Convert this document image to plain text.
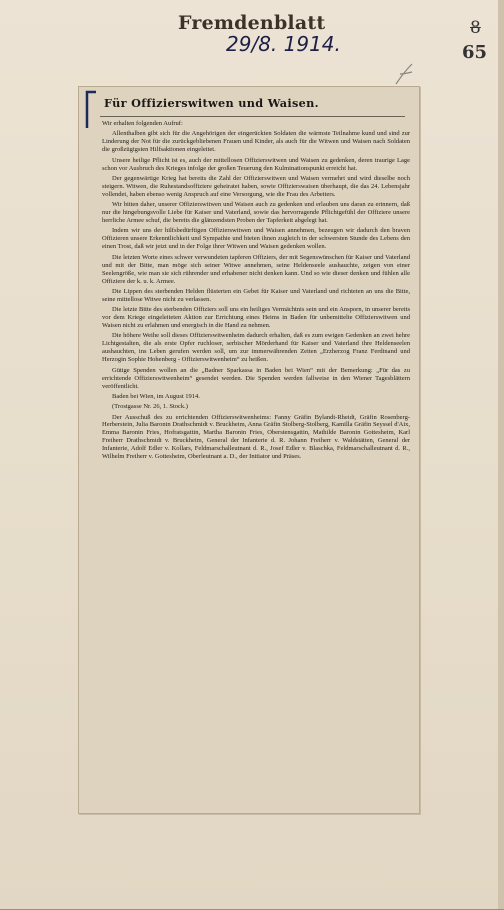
Fremdenblatt
29/8. 1914.
8
65
Für Offizierswitwen und Waisen.

Wir erhalten folgenden Aufruf:

Allenthalben gibt sich für die Angehörigen der eingerückten Soldaten die wärmste Teilnahme kund und sind zur Linderung der Not für die zurückgebliebenen Frauen und Kinder, als auch für die Witwen und Waisen nach Soldaten die großzügigsten Hilfsaktionen eingeleitet.

Unsere heilige Pflicht ist es, auch der mittellosen Offizierswitwen und Waisen zu gedenken, deren traurige Lage schon vor Ausbruch des Krieges infolge der großen Teuerung den Kulminationspunkt erreicht hat.

Der gegenwärtige Krieg hat bereits die Zahl der Offizierswitwen und Waisen vermehrt und wird dieselbe noch steigern. Witwen, die Ruhestandsoffiziere geheiratet haben, sowie Offizierswaisen überhaupt, die das 24. Lebensjahr vollendet, haben ebenso wenig Anspruch auf eine Versorgung, wie die Frau des Arbeiters.

Wir bitten daher, unserer Offizierswitwen und Waisen auch zu gedenken und erlauben uns daran zu erinnern, daß nur die hingebungsvolle Liebe für Kaiser und Vaterland, sowie das hervorragende Pflichtgefühl der Offiziere unsere herrliche Armee schuf, die bereits die glänzendsten Proben der Tapferkeit abgelegt hat.

Indem wir uns der hilfsbedürftigen Offizierswitwen und Waisen annehmen, bezeugen wir dadurch den braven Offizieren unsere Erkenntlichkeit und Sympathie und bieten ihnen zugleich in der schwersten Stunde des Lebens den einen Trost, daß wir jetzt und in der Folge ihrer Witwen und Waisen gedenken wollen.

Die letzten Worte eines schwer verwundeten tapferen Offiziers, der mit Segenswünschen für Kaiser und Vaterland und mit der Bitte, man möge sich seiner Witwe annehmen, seine Heldenseele aushauchte, zeigen von einer Seelengröße, wie man sie sich rührender und erhabener nicht denken kann. Und so wie dieser denken und fühlen alle Offiziere der k. u. k. Armee.

Die Lippen des sterbenden Helden flüsterten ein Gebet für Kaiser und Vaterland und richteten an uns die Bitte, seine mittellose Witwe nicht zu verlassen.

Die letzte Bitte des sterbenden Offiziers soll uns ein heiliges Vermächtnis sein und ein Ansporn, in unserer bereits vor dem Kriege eingeleiteten Aktion zur Errichtung eines Heims in Baden für unbemittelte Offizierswitwen und Waisen nicht zu erlahmen und energisch in die Hand zu nehmen.

Die höhere Weihe soll dieses Offizierswitwenheim dadurch erhalten, daß es zum ewigen Gedenken an zwei hehre Lichtgestalten, die als erste Opfer ruchloser, serbischer Mörderhand für Kaiser und Vaterland ihre Heldenseelen aushauchten, ins Leben gerufen werden soll, um zur immerwährenden Zeiten „Erzherzog Franz Ferdinand und Herzogin Sophie Hohenberg - Offizierswitwenheim“ zu heißen.

Gütige Spenden wollen an die „Badner Sparkassa in Baden bei Wien“ mit der Bemerkung: „Für das zu errichtende Offizierswitwenheim“ gesendet werden. Die Spenden werden fallweise in den Wiener Tagesblättern veröffentlicht.

Baden bei Wien, im August 1914.

(Trostgasse Nr. 26, 1. Stock.)

Der Ausschuß des zu errichtenden Offizierswitwenheims: Fanny Gräfin Bylandt-Rheidt, Gräfin Rosenberg-Herberstein, Julia Baronin Drathschmidt v. Bruckheim, Anna Gräfin Stolberg-Stolberg, Kamilla Gräfin Seyssel d'Aix, Emma Baronin Fries, Hofratsgattin, Martha Baronin Fries, Oberstensgattin, Mathilde Baronin Gottesheim, Karl Freiherr Drathschmidt v. Bruckheim, General der Infanterie d. R. Johann Freiherr v. Waldstätten, General der Infanterie, Adolf Edler v. Kollars, Feldmarschalleutnant d. R., Josef Edler v. Blaschka, Feldmarschalleutnant d. R., Wilhelm Freiherr v. Gottesheim, Oberleutnant a. D., der Initiator und Präses.
